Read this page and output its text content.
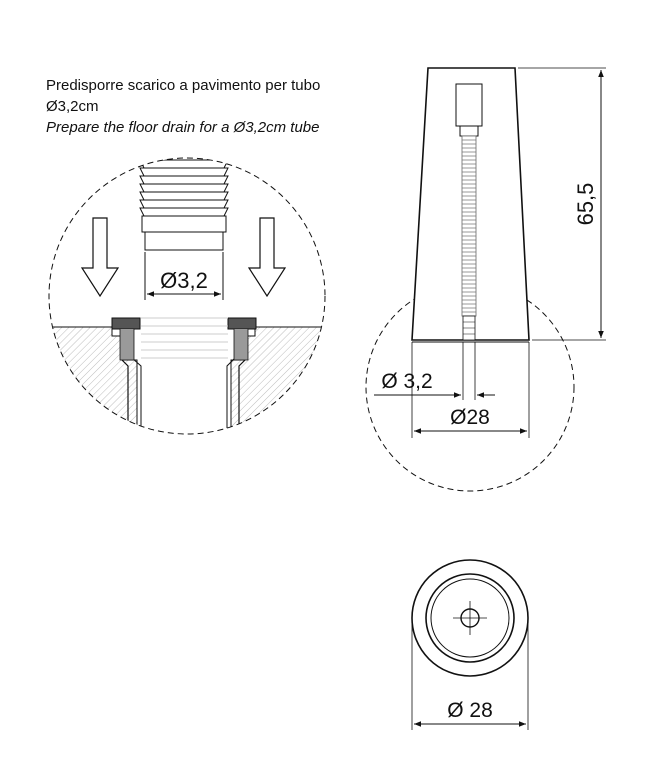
Predisporre scarico a pavimento per tubo Ø3,2cm
Prepare the floor drain for a Ø3,2cm tube
Ø3,2
65,5
Ø 3,2
Ø28
Ø 28
